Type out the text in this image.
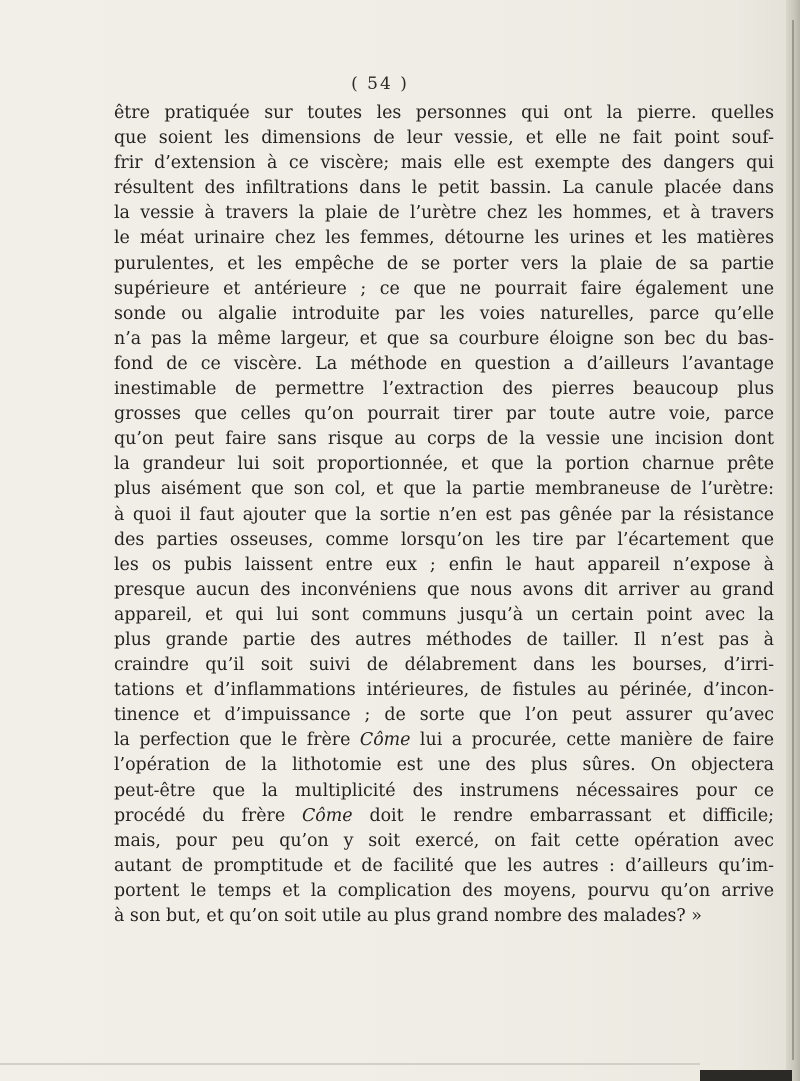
( 54 )
être pratiquée sur toutes les personnes qui ont la pierre. quelles
que soient les dimensions de leur vessie, et elle ne fait point souf-
frir d’extension à ce viscère; mais elle est exempte des dangers qui
résultent des infiltrations dans le petit bassin. La canule placée dans
la vessie à travers la plaie de l’urètre chez les hommes, et à travers
le méat urinaire chez les femmes, détourne les urines et les matières
purulentes, et les empêche de se porter vers la plaie de sa partie
supérieure et antérieure ; ce que ne pourrait faire également une
sonde ou algalie introduite par les voies naturelles, parce qu’elle
n’a pas la même largeur, et que sa courbure éloigne son bec du bas-
fond de ce viscère. La méthode en question a d’ailleurs l’avantage
inestimable de permettre l’extraction des pierres beaucoup plus
grosses que celles qu’on pourrait tirer par toute autre voie, parce
qu’on peut faire sans risque au corps de la vessie une incision dont
la grandeur lui soit proportionnée, et que la portion charnue prête
plus aisément que son col, et que la partie membraneuse de l’urètre:
à quoi il faut ajouter que la sortie n’en est pas gênée par la résistance
des parties osseuses, comme lorsqu’on les tire par l’écartement que
les os pubis laissent entre eux ; enfin le haut appareil n’expose à
presque aucun des inconvéniens que nous avons dit arriver au grand
appareil, et qui lui sont communs jusqu’à un certain point avec la
plus grande partie des autres méthodes de tailler. Il n’est pas à
craindre qu’il soit suivi de délabrement dans les bourses, d’irri-
tations et d’inflammations intérieures, de fistules au périnée, d’incon-
tinence et d’impuissance ; de sorte que l’on peut assurer qu’avec
la perfection que le frère Côme lui a procurée, cette manière de faire
l’opération de la lithotomie est une des plus sûres. On objectera
peut-être que la multiplicité des instrumens nécessaires pour ce
procédé du frère Côme doit le rendre embarrassant et difficile;
mais, pour peu qu’on y soit exercé, on fait cette opération avec
autant de promptitude et de facilité que les autres : d’ailleurs qu’im-
portent le temps et la complication des moyens, pourvu qu’on arrive
à son but, et qu’on soit utile au plus grand nombre des malades? »
